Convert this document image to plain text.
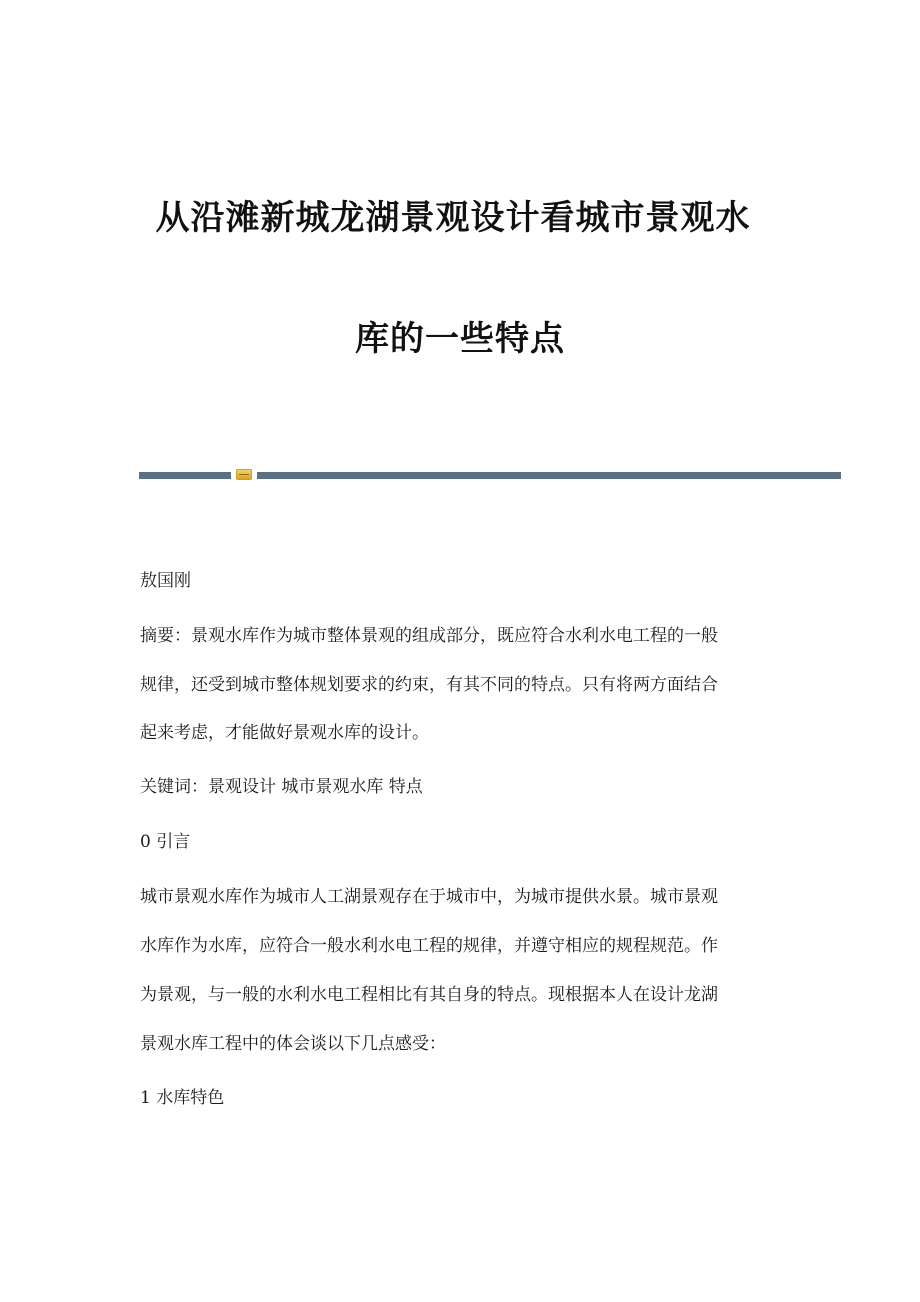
从沿滩新城龙湖景观设计看城市景观水
库的一些特点
敖国刚
摘要：景观水库作为城市整体景观的组成部分，既应符合水利水电工程的一般
规律，还受到城市整体规划要求的约束，有其不同的特点。只有将两方面结合
起来考虑，才能做好景观水库的设计。
关键词：景观设计 城市景观水库 特点
0 引言
城市景观水库作为城市人工湖景观存在于城市中，为城市提供水景。城市景观
水库作为水库，应符合一般水利水电工程的规律，并遵守相应的规程规范。作
为景观，与一般的水利水电工程相比有其自身的特点。现根据本人在设计龙湖
景观水库工程中的体会谈以下几点感受：
1 水库特色
